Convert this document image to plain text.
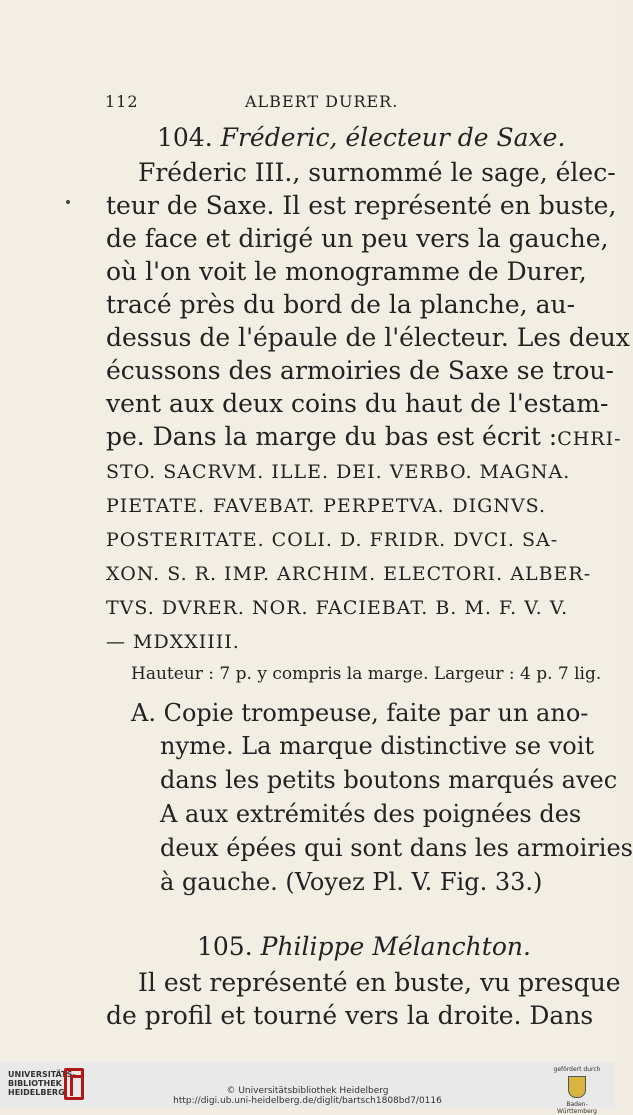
112	ALBERT DURER.
104. Fréderic, électeur de Saxe.
Fréderic III., surnommé le sage, élec-
teur de Saxe. Il est représenté en buste,
de face et dirigé un peu vers la gauche,
où l'on voit le monogramme de Durer,
tracé près du bord de la planche, au-
dessus de l'épaule de l'électeur. Les deux
écussons des armoiries de Saxe se trou-
vent aux deux coins du haut de l'estam-
pe. Dans la marge du bas est écrit : CHRI-
STO. SACRVM. ILLE. DEI. VERBO. MAGNA.
PIETATE. FAVEBAT. PERPETVA. DIGNVS.
POSTERITATE. COLI. D. FRIDR. DVCI. SA-
XON. S. R. IMP. ARCHIM. ELECTORI. ALBER-
TVS. DVRER. NOR. FACIEBAT. B. M. F. V. V.
— MDXXIIII.
Hauteur : 7 p. y compris la marge. Largeur : 4 p. 7 lig.
A. Copie trompeuse, faite par un ano-
nyme. La marque distinctive se voit
dans les petits boutons marqués avec
A aux extrémités des poignées des
deux épées qui sont dans les armoiries
à gauche. (Voyez Pl. V. Fig. 33.)
105. Philippe Mélanchton.
Il est représenté en buste, vu presque
de profil et tourné vers la droite. Dans
UNIVERSITÄTS-
BIBLIOTHEK
HEIDELBERG	© Universitätsbibliothek Heidelberg
http://digi.ub.uni-heidelberg.de/diglit/bartsch1808bd7/0116
gefördert durch
Baden-Württemberg
